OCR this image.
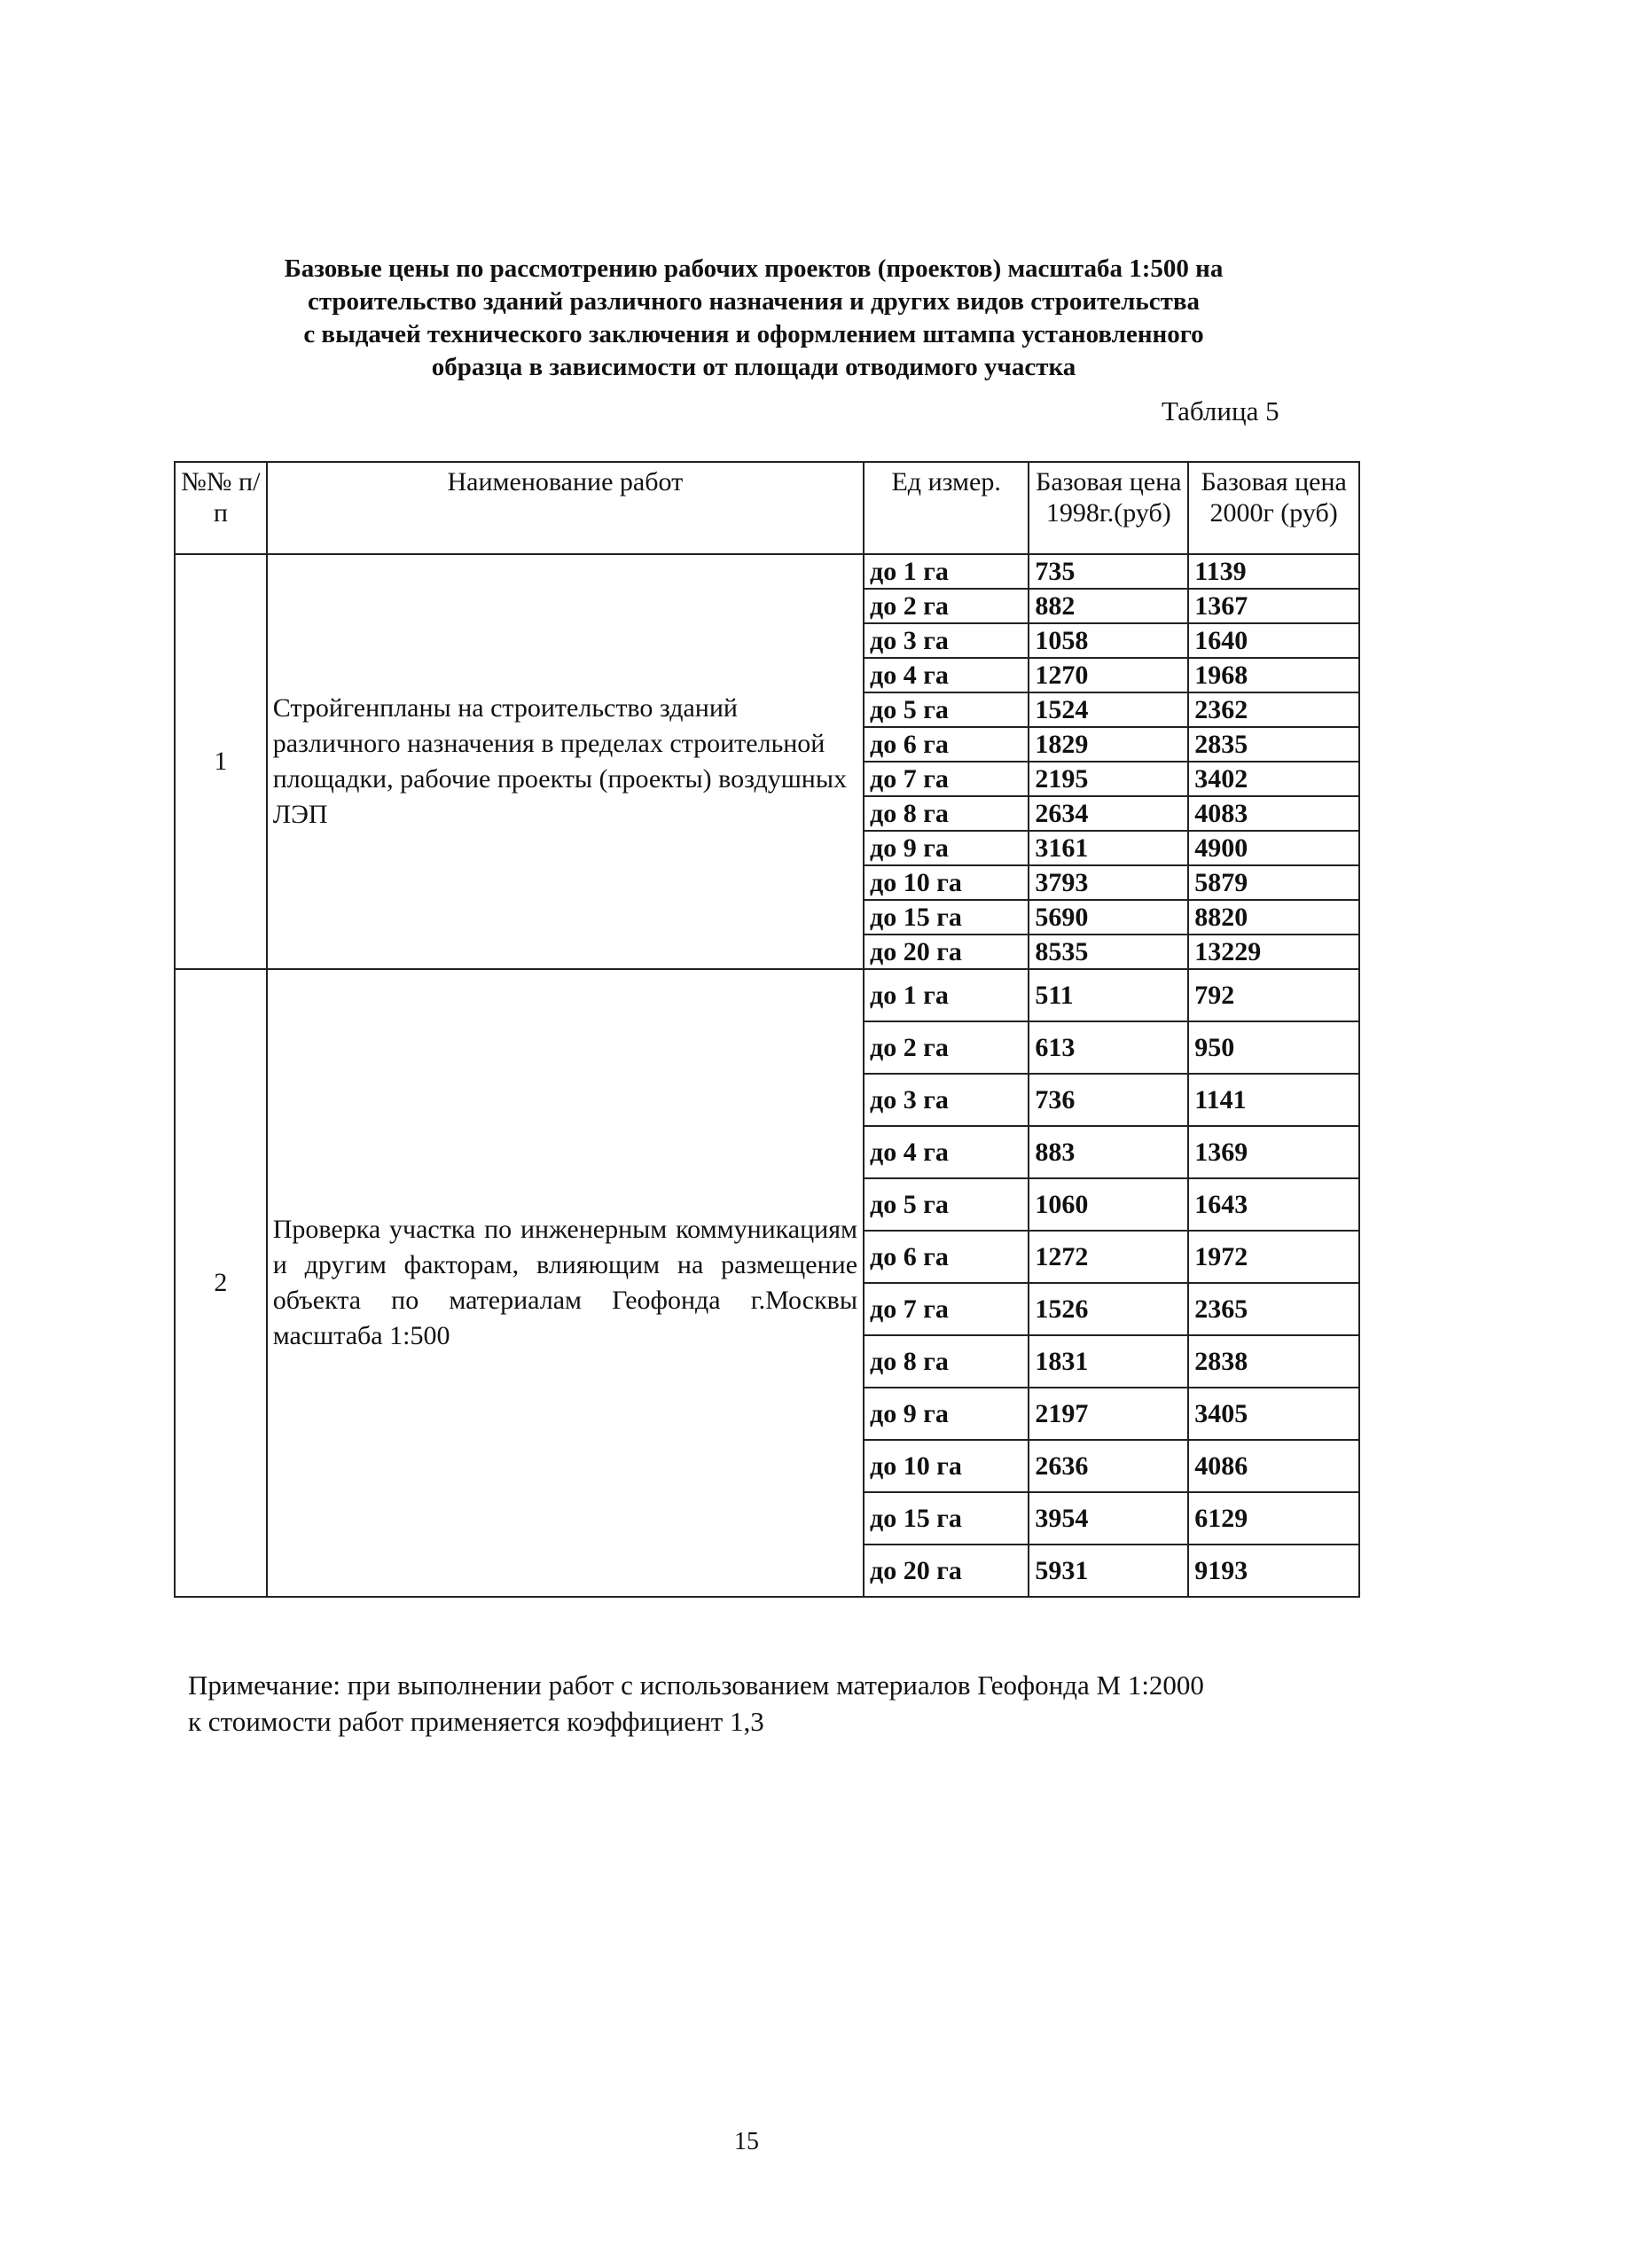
Базовые цены по рассмотрению рабочих проектов (проектов) масштаба 1:500 на
строительство зданий различного назначения и других видов строительства
с выдачей технического заключения и оформлением штампа установленного
образца в зависимости от площади отводимого участка
Таблица 5
№№ п/п	Наименование работ	Ед измер.	Базовая цена 1998г.(руб)	Базовая цена 2000г (руб)
1	Стройгенпланы на строительство зданий различного назначения в пределах строительной площадки, рабочие проекты (проекты) воздушных ЛЭП	до 1 га	735	1139
		до 2 га	882	1367
		до 3 га	1058	1640
		до 4 га	1270	1968
		до 5 га	1524	2362
		до 6 га	1829	2835
		до 7 га	2195	3402
		до 8 га	2634	4083
		до 9 га	3161	4900
		до 10 га	3793	5879
		до 15 га	5690	8820
		до 20 га	8535	13229
2	Проверка участка по инженерным коммуникациям и другим факторам, влияющим на размещение объекта по материалам Геофонда г.Москвы масштаба 1:500	до 1 га	511	792
		до 2 га	613	950
		до 3 га	736	1141
		до 4 га	883	1369
		до 5 га	1060	1643
		до 6 га	1272	1972
		до 7 га	1526	2365
		до 8 га	1831	2838
		до 9 га	2197	3405
		до 10 га	2636	4086
		до 15 га	3954	6129
		до 20 га	5931	9193
Примечание: при выполнении работ с использованием материалов Геофонда М 1:2000
к стоимости работ применяется коэффициент 1,3
15
